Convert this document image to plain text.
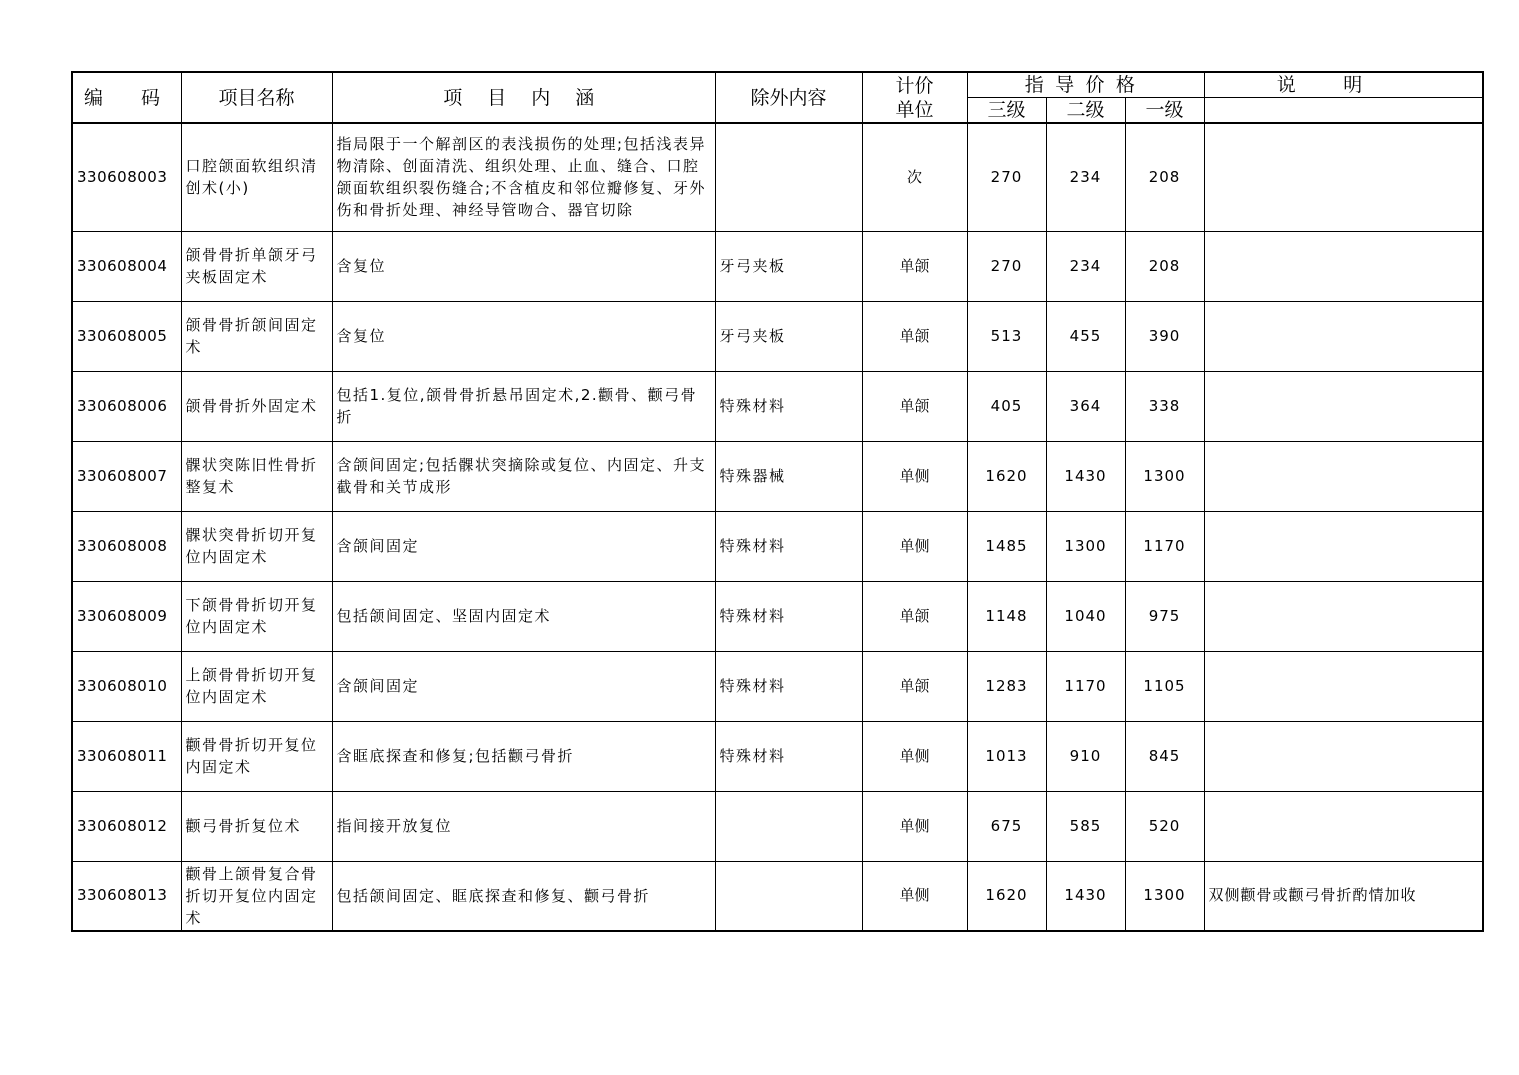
编　码	项目名称	项 目 内 涵	除外内容	计价单位	指导价格			说明
					三级	二级	一级	
330608003	口腔颌面软组织清创术(小)	指局限于一个解剖区的表浅损伤的处理;包括浅表异物清除、创面清洗、组织处理、止血、缝合、口腔颌面软组织裂伤缝合;不含植皮和邻位瓣修复、牙外伤和骨折处理、神经导管吻合、器官切除		次	270	234	208	
330608004	颌骨骨折单颌牙弓夹板固定术	含复位	牙弓夹板	单颌	270	234	208	
330608005	颌骨骨折颌间固定术	含复位	牙弓夹板	单颌	513	455	390	
330608006	颌骨骨折外固定术	包括1.复位,颌骨骨折悬吊固定术,2.颧骨、颧弓骨折	特殊材料	单颌	405	364	338	
330608007	髁状突陈旧性骨折整复术	含颌间固定;包括髁状突摘除或复位、内固定、升支截骨和关节成形	特殊器械	单侧	1620	1430	1300	
330608008	髁状突骨折切开复位内固定术	含颌间固定	特殊材料	单侧	1485	1300	1170	
330608009	下颌骨骨折切开复位内固定术	包括颌间固定、坚固内固定术	特殊材料	单颌	1148	1040	975	
330608010	上颌骨骨折切开复位内固定术	含颌间固定	特殊材料	单颌	1283	1170	1105	
330608011	颧骨骨折切开复位内固定术	含眶底探查和修复;包括颧弓骨折	特殊材料	单侧	1013	910	845	
330608012	颧弓骨折复位术	指间接开放复位		单侧	675	585	520	
330608013	颧骨上颌骨复合骨折切开复位内固定术	包括颌间固定、眶底探查和修复、颧弓骨折		单侧	1620	1430	1300	双侧颧骨或颧弓骨折酌情加收
